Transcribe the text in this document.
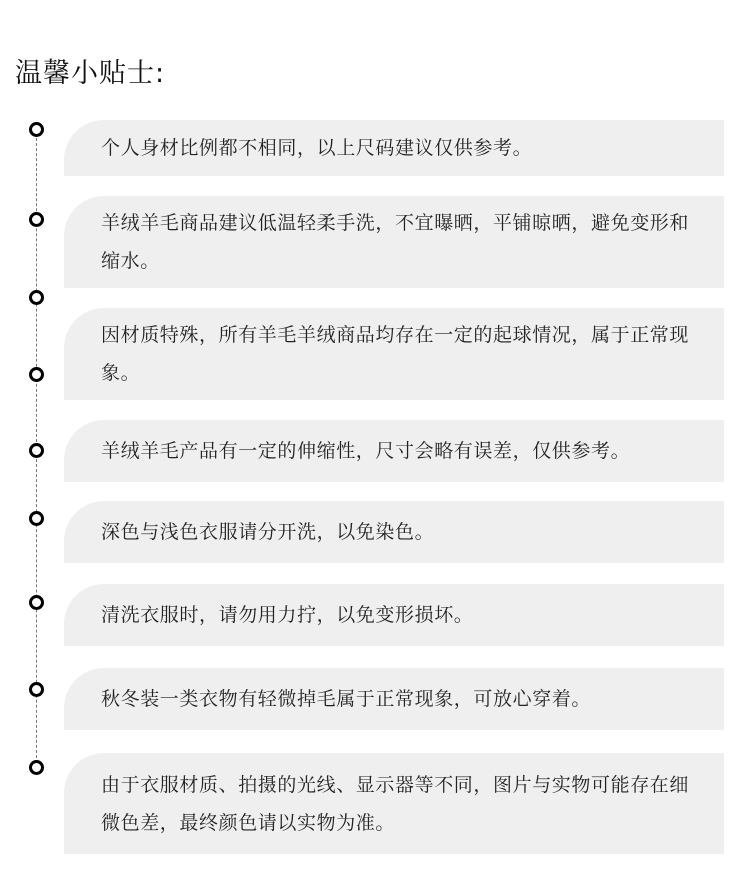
温馨小贴士:
个人身材比例都不相同，以上尺码建议仅供参考。
羊绒羊毛商品建议低温轻柔手洗，不宜曝晒，平铺晾晒，避免变形和缩水。
因材质特殊，所有羊毛羊绒商品均存在一定的起球情况，属于正常现象。
羊绒羊毛产品有一定的伸缩性，尺寸会略有误差，仅供参考。
深色与浅色衣服请分开洗，以免染色。
清洗衣服时，请勿用力拧，以免变形损坏。
秋冬装一类衣物有轻微掉毛属于正常现象，可放心穿着。
由于衣服材质、拍摄的光线、显示器等不同，图片与实物可能存在细微色差，最终颜色请以实物为准。
